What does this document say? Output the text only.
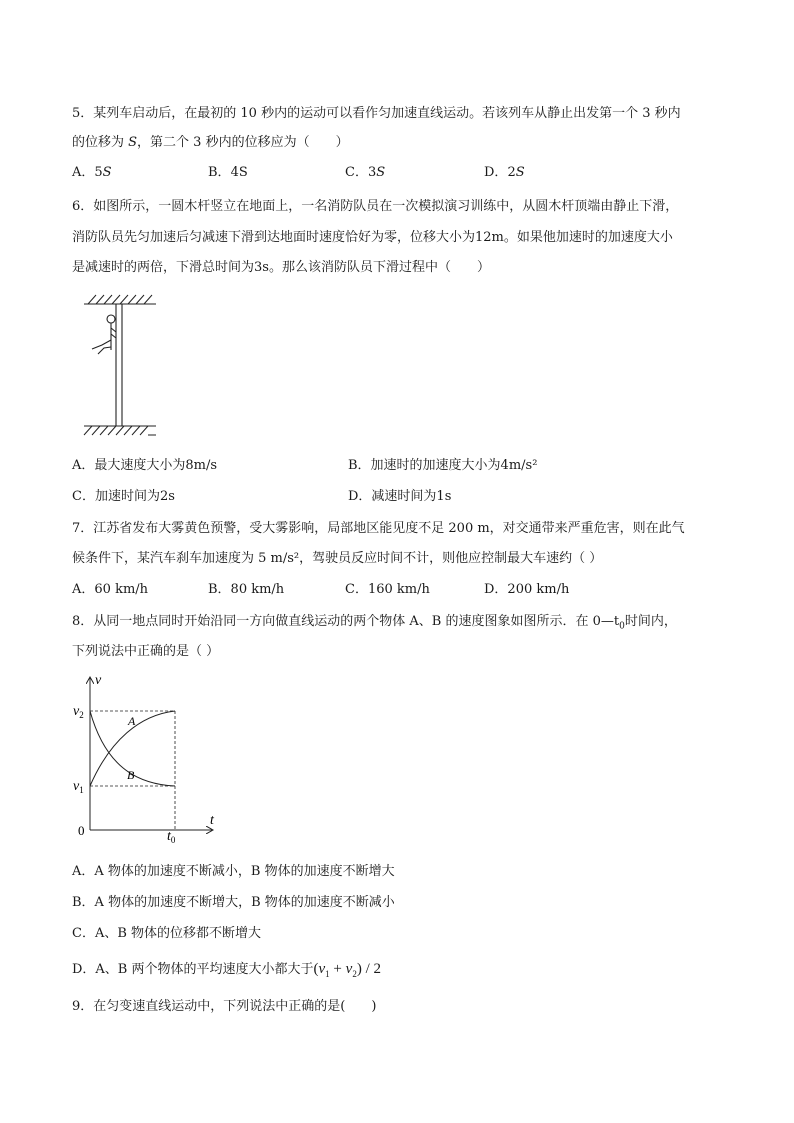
5．某列车启动后，在最初的 10 秒内的运动可以看作匀加速直线运动。若该列车从静止出发第一个 3 秒内
的位移为 S，第二个 3 秒内的位移应为（　　）
A．5S	B．4S	C．3S	D．2S
6．如图所示，一圆木杆竖立在地面上，一名消防队员在一次模拟演习训练中，从圆木杆顶端由静止下滑，
消防队员先匀加速后匀减速下滑到达地面时速度恰好为零，位移大小为12m。如果他加速时的加速度大小
是减速时的两倍，下滑总时间为3s。那么该消防队员下滑过程中（　　）
A．最大速度大小为8m/s	B．加速时的加速度大小为4m/s²
C．加速时间为2s	D．减速时间为1s
7．江苏省发布大雾黄色预警，受大雾影响，局部地区能见度不足 200 m，对交通带来严重危害，则在此气
候条件下，某汽车刹车加速度为 5 m/s²，驾驶员反应时间不计，则他应控制最大车速约（ ）
A．60 km/h	B．80 km/h	C．160 km/h	D．200 km/h
8．从同一地点同时开始沿同一方向做直线运动的两个物体 A、B 的速度图象如图所示．在 $0—t_0$时间内，
下列说法中正确的是（ ）
v
t
$v_2$
$v_1$
0	$t_0$
A
B
A．A 物体的加速度不断减小，B 物体的加速度不断增大
B．A 物体的加速度不断增大，B 物体的加速度不断减小
C．A、B 物体的位移都不断增大
D．A、B 两个物体的平均速度大小都大于$(v_1 + v_2) / 2$
9．在匀变速直线运动中，下列说法中正确的是(　　)
